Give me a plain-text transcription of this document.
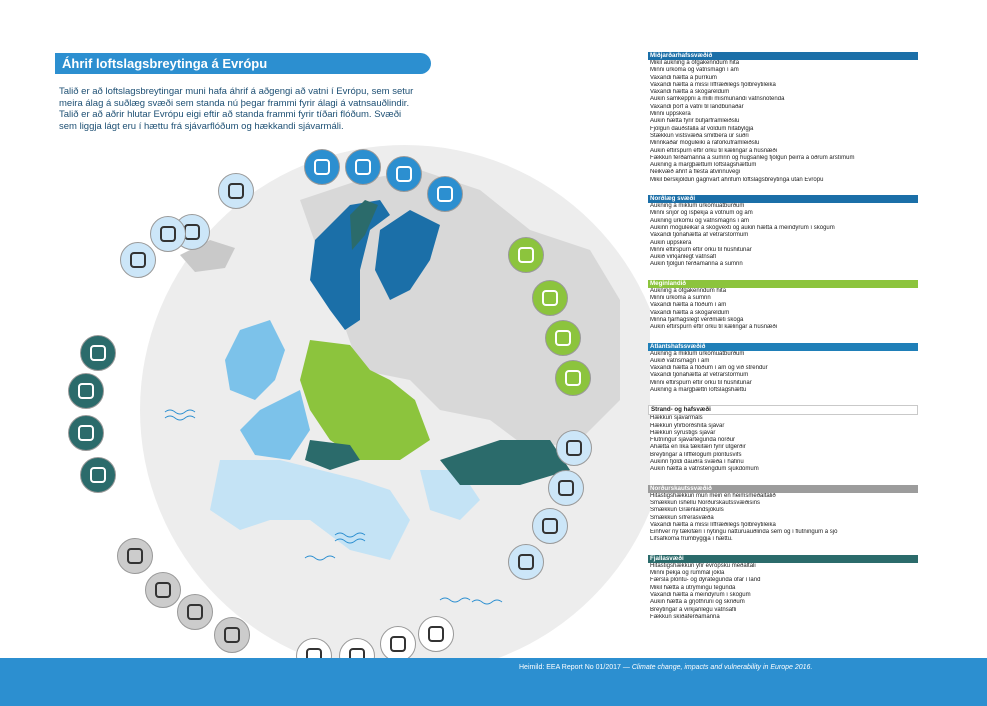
Áhrif loftslagsbreytinga á Evrópu
Talið er að loftslagsbreytingar muni hafa áhrif á aðgengi að vatni í Evrópu, sem setur meira álag á suðlæg svæði sem standa nú þegar frammi fyrir álagi á vatnsauðlindir. Talið er að aðrir hlutar Evrópu eigi eftir að standa frammi fyrir tíðari flóðum. Svæði sem liggja lágt eru í hættu frá sjávarflóðum og hækkandi sjávarmáli.
Miðjarðarhafssvæðið
Mikil aukning á öfgakenndum hita
Minni úrkoma og vatnsmagn í ám
Vaxandi hætta á þurrkum
Vaxandi hætta á missi líffræðilegs fjölbreytileika
Vaxandi hætta á skógareldum
Aukin samkeppni á milli mismunandi vatnsnotenda
Vaxandi þörf á vatni til landbúnaðar
Minni uppskera
Aukin hætta fyrir búfjárframleiðslu
Fjölgun dauðsfalla af völdum hitabylgja
Stækkun vistsvæða smitbera úr suðri
Minnkaðar möguleiki á raforkuframleiðslu
Aukin eftirspurn eftir orku til kælingar á húsnæði
Fækkun ferðamanna á sumrin og hugsanleg fjölgun þeirra á öðrum árstímum
Aukning á margþættum loftslagshættum
Neikvæð áhrif á flesta atvinnuvegi
Mikil berskjöldun gagnvart áhrifum loftslagsbreytinga utan Evrópu
Norðlæg svæði
Aukning á miklum úrkomuatburðum
Minni snjór og ísþekja á vötnum og ám
Aukning úrkomu og vatnsmagns í ám
Aukinn möguleikar á skógvexti og aukin hætta á meindýrum í skógum
Vaxandi tjónahætta af vetrarstormum
Aukin uppskera
Minni eftirspurn eftir orku til húshitunar
Aukið virkjanlegt vatnsafl
Aukin fjölgun ferðamanna á sumrin
Meginlandið
Aukning á öfgakenndum hita
Minni úrkoma á sumrin
Vaxandi hætta á flóðum í ám
Vaxandi hætta á skógareldum
Minna fjárhagslegt verðmæti skóga
Aukin eftirspurn eftir orku til kælingar á húsnæði
Atlantshafssvæðið
Aukning á miklum úrkomuatburðum
Aukið vatnsmagn í ám
Vaxandi hætta á flóðum í ám og við strendur
Vaxandi tjónahætta af vetrarstormum
Minni eftirspurn eftir orku til húshitunar
Aukning á margþættri loftslagshættu
Strand- og hafsvæði
Hækkun sjávarmáls
Hækkun yfirborðshita sjávar
Hækkun sýrustigs sjávar
Flutningur sjávartegunda norður
Áhætta en líka tækifæri fyrir útgerðir
Breytingar á lífffélögum plöntusvifs
Aukinn fjöldi dauðra svæða í hafinu
Aukin hætta á vatnstengdum sjúkdómum
Norðurskautssvæðið
Hitastigshækkun mun meiri en heimsmeðaltalið
Smækkun íshellu Norðurskautssvæðisins
Smækkun Grænlandsjökuls
Smækkun sífrerasvæða
Vaxandi hætta á missi líffræðilegs fjölbreytileika
Einhver ný tækifæri í nýtingu náttúruauðlinda sem og í flutningum á sjó
Lífsafkoma frumbyggja í hættu.
Fjallasvæði
Hitastigshækkun yfir evrópsku meðaltali
Minni þekja og rúmmál jökla
Færsla plöntu- og dýrategunda ofar í land
Mikil hætta á útrýmingu tegunda
Vaxandi hætta á meindýrum í skógum
Aukin hætta á grjóthruni og skriðum
Breytingar á virkjanlegu vatnsafli
Fækkun skíðaferðamanna
Heimild: EEA Report No 01/2017 — Climate change, impacts and vulnerability in Europe 2016.
